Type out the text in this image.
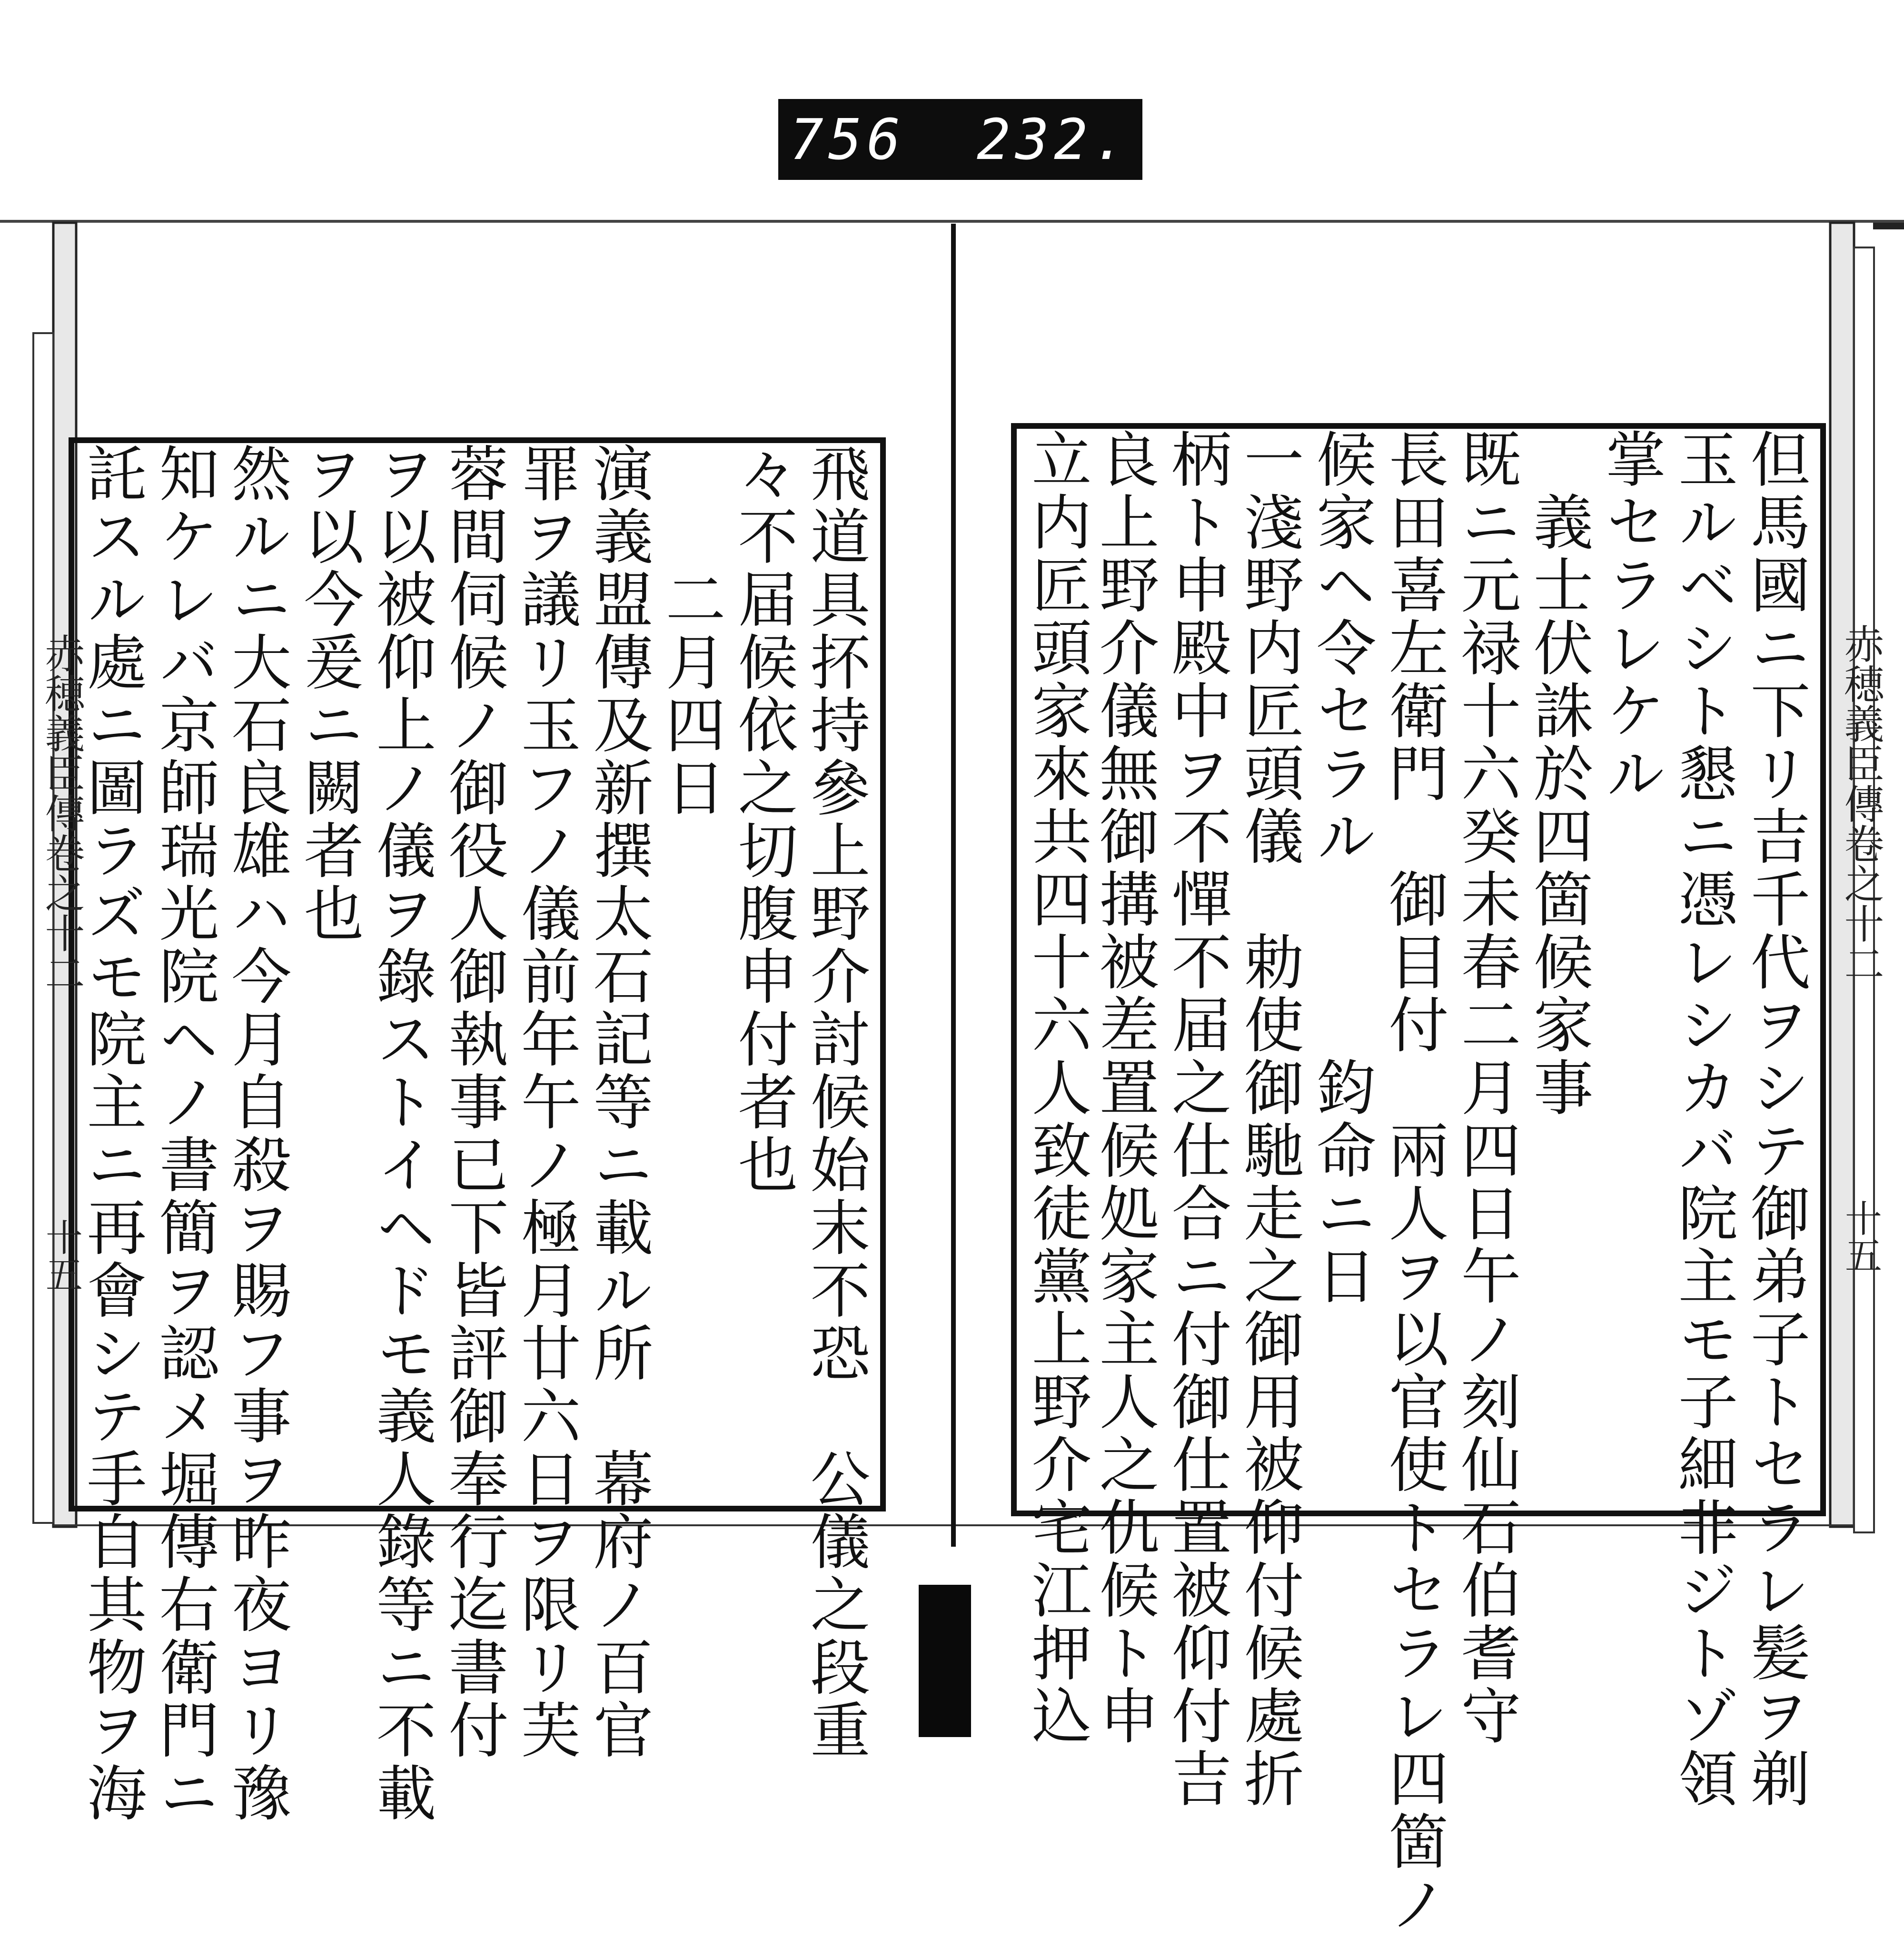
756 232.
赤穂義臣傳卷之十二
十五
赤穂義臣傳卷之十二
十五
但馬國ニ下リ吉千代ヲシテ御弟子トセラレ髪ヲ剃
玉ルベシト懇ニ憑レシカバ院主モ子細非ジトゾ領
掌セラレケル
　義士伏誅於四箇候家事
既ニ元禄十六癸未春二月四日午ノ刻仙石伯耆守
長田喜左衛門　御目付　兩人ヲ以官使トセラレ四箇ノ
候家ヘ令セラル　　　鈞命ニ日
一淺野内匠頭儀　勅使御馳走之御用被仰付候處折
柄ト申殿中ヲ不憚不届之仕合ニ付御仕置被仰付吉
良上野介儀無御搆被差置候処家主人之仇候ト申
立内匠頭家來共四十六人致徒黨上野介宅江押込
飛道具抔持參上野介討候始末不恐　公儀之段重
々不届候依之切腹申付者也
　　二月四日
演義盟傳及新撰太石記等ニ載ル所　幕府ノ百官
罪ヲ議リ玉フノ儀前年午ノ極月廿六日ヲ限リ芙
蓉間伺候ノ御役人御執事已下皆評御奉行迄書付
ヲ以被仰上ノ儀ヲ錄ストイヘドモ義人錄等ニ不載
ヲ以今爰ニ闕者也
然ルニ大石良雄ハ今月自殺ヲ賜フ事ヲ昨夜ヨリ豫
知ケレバ京師瑞光院ヘノ書簡ヲ認メ堀傳右衛門ニ
託スル處ニ圖ラズモ院主ニ再會シテ手自其物ヲ海
